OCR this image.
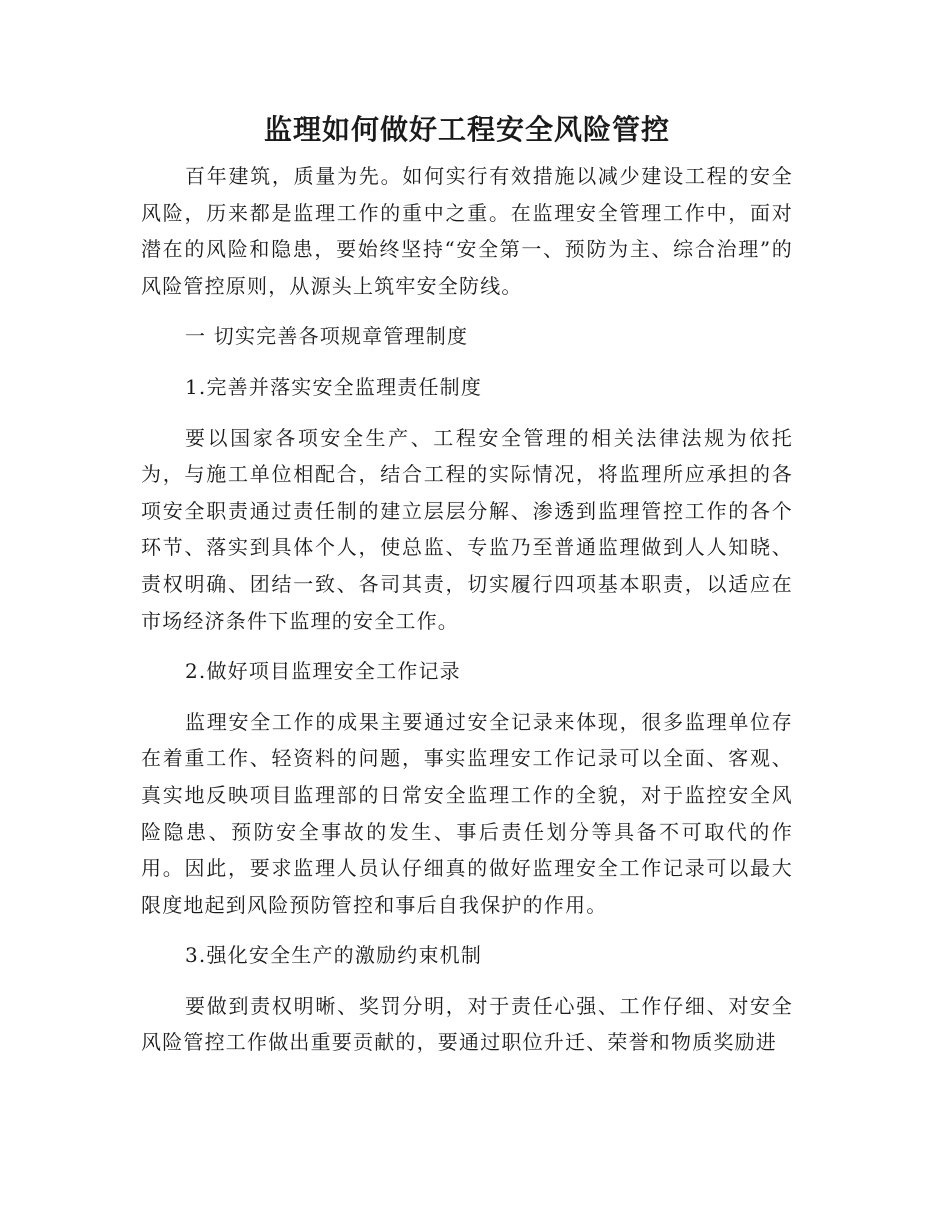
监理如何做好工程安全风险管控

百年建筑，质量为先。如何实行有效措施以减少建设工程的安全风险，历来都是监理工作的重中之重。在监理安全管理工作中，面对潜在的风险和隐患，要始终坚持“安全第一、预防为主、综合治理”的风险管控原则，从源头上筑牢安全防线。

一 切实完善各项规章管理制度

1.完善并落实安全监理责任制度

要以国家各项安全生产、工程安全管理的相关法律法规为依托为，与施工单位相配合，结合工程的实际情况，将监理所应承担的各项安全职责通过责任制的建立层层分解、渗透到监理管控工作的各个环节、落实到具体个人，使总监、专监乃至普通监理做到人人知晓、责权明确、团结一致、各司其责，切实履行四项基本职责，以适应在市场经济条件下监理的安全工作。

2.做好项目监理安全工作记录

监理安全工作的成果主要通过安全记录来体现，很多监理单位存在着重工作、轻资料的问题，事实监理安工作记录可以全面、客观、真实地反映项目监理部的日常安全监理工作的全貌，对于监控安全风险隐患、预防安全事故的发生、事后责任划分等具备不可取代的作用。因此，要求监理人员认仔细真的做好监理安全工作记录可以最大限度地起到风险预防管控和事后自我保护的作用。

3.强化安全生产的激励约束机制

要做到责权明晰、奖罚分明，对于责任心强、工作仔细、对安全风险管控工作做出重要贡献的，要通过职位升迁、荣誉和物质奖励进
